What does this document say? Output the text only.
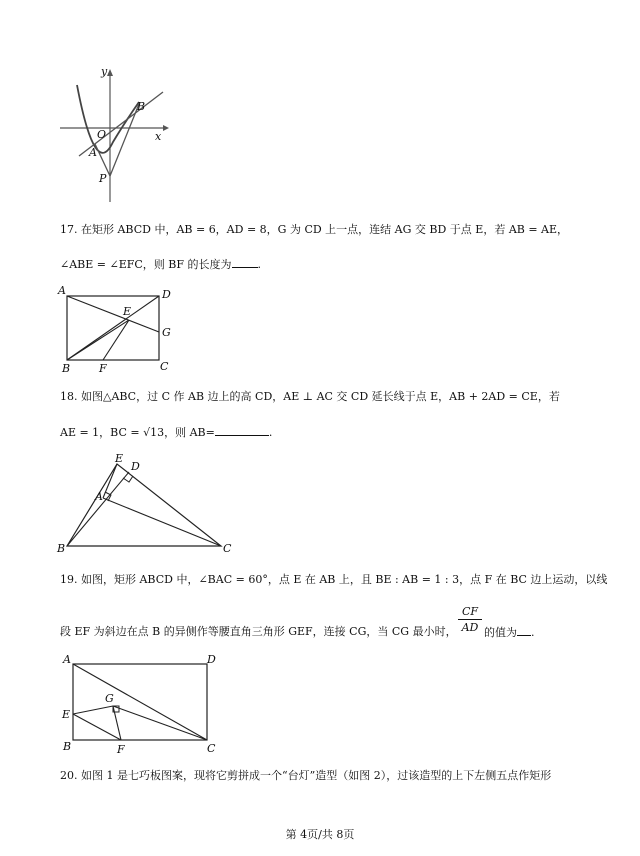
y
x
B
O
A
P
17. 在矩形 ABCD 中，AB = 6，AD = 8，G 为 CD 上一点，连结 AG 交 BD 于点 E，若 AB = AE，
∠ABE = ∠EFC，则 BF 的长度为 .
A	D
E
G
B	F	C
18. 如图△ABC，过 C 作 AB 边上的高 CD，AE ⊥ AC 交 CD 延长线于点 E，AB + 2AD = CE，若
AE = 1，BC = √13，则 AB=	.
E
D
A
B	C
19. 如图，矩形 ABCD 中，∠BAC = 60°，点 E 在 AB 上，且 BE : AB = 1 : 3，点 F 在 BC 边上运动，以线
段 EF 为斜边在点 B 的异侧作等腰直角三角形 GEF，连接 CG，当 CG 最小时， $\frac{CF}{AD}$ 的值为 .
A	D
G
E
B	F	C
20. 如图 1 是七巧板图案，现将它剪拼成一个“台灯”造型（如图 2），过该造型的上下左侧五点作矩形
第 4页/共 8页
